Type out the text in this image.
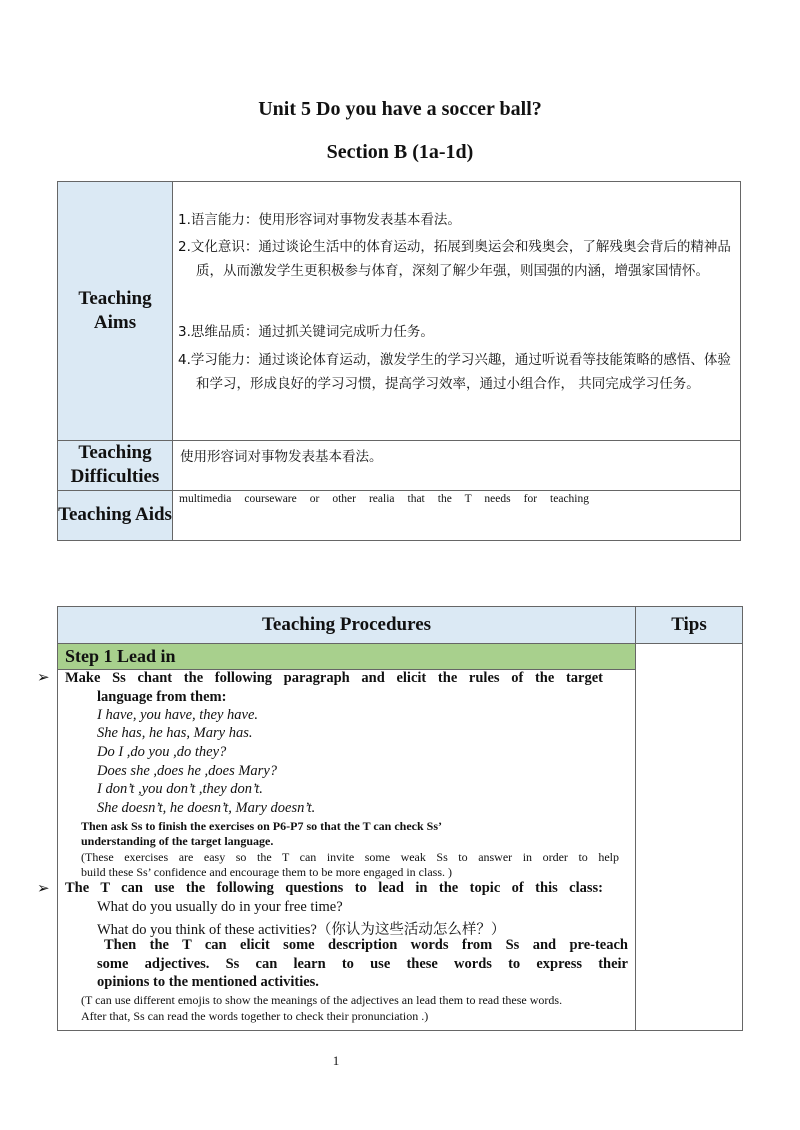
Unit 5 Do you have a soccer ball?
Section B (1a-1d)
Teaching Aims
Teaching Difficulties
Teaching Aids
1.语言能力：使用形容词对事物发表基本看法。
2.文化意识：通过谈论生活中的体育运动，拓展到奥运会和残奥会，了解残奥会背后的精神品质，从而激发学生更积极参与体育，深刻了解少年强，则国强的内涵，增强家国情怀。
3.思维品质：通过抓关键词完成听力任务。
4.学习能力：通过谈论体育运动，激发学生的学习兴趣，通过听说看等技能策略的感悟、体验和学习，形成良好的学习习惯，提高学习效率，通过小组合作， 共同完成学习任务。
使用形容词对事物发表基本看法。
multimedia courseware or other realia that the T needs for teaching
Teaching Procedures	Tips
Step 1 Lead in
➢
➢
Make Ss chant the following paragraph and elicit the rules of the target
language from them:
I have, you have, they have.
She has, he has, Mary has.
Do I ,do you ,do they?
Does she ,does he ,does Mary?
I don’t ,you don’t ,they don’t.
She doesn’t, he doesn’t, Mary doesn’t.
Then ask Ss to finish the exercises on P6-P7 so that the T can check Ss’
understanding of the target language.
(These exercises are easy so the T can invite some weak Ss to answer in order to help
build these Ss’ confidence and encourage them to be more engaged in class. )
The T can use the following questions to lead in the topic of this class:
What do you usually do in your free time?
What do you think of these activities?（你认为这些活动怎么样？）
Then the T can elicit some description words from Ss and pre-teach
some adjectives. Ss can learn to use these words to express their
opinions to the mentioned activities.
(T can use different emojis to show the meanings of the adjectives an lead them to read these words.
After that, Ss can read the words together to check their pronunciation .)
1
